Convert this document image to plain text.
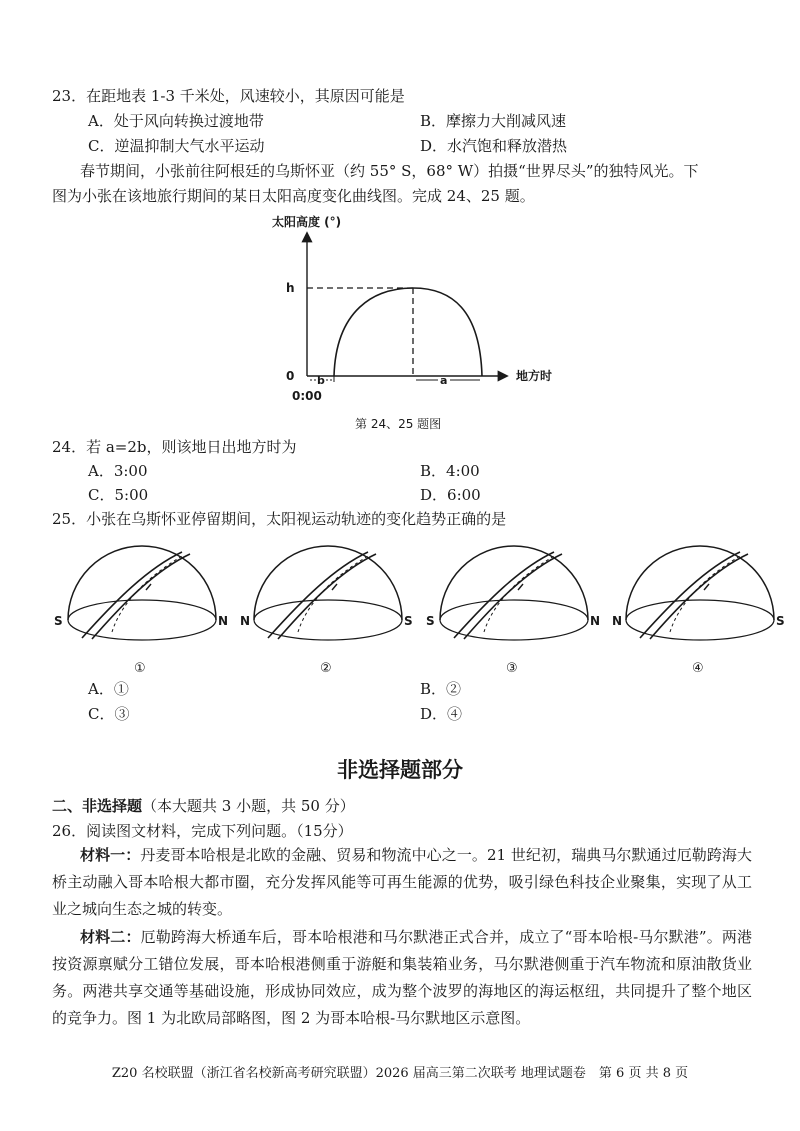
23．在距地表 1-3 千米处，风速较小，其原因可能是
A．处于风向转换过渡地带	B．摩擦力大削减风速
C．逆温抑制大气水平运动	D．水汽饱和释放潜热
春节期间，小张前往阿根廷的乌斯怀亚（约 55° S，68° W）拍摄“世界尽头”的独特风光。下
图为小张在该地旅行期间的某日太阳高度变化曲线图。完成 24、25 题。
太阳高度 (°)
地方时
h
0
0:00
b	a
第 24、25 题图
24．若 a=2b，则该地日出地方时为
A．3:00	B．4:00
C．5:00	D．6:00
25．小张在乌斯怀亚停留期间，太阳视运动轨迹的变化趋势正确的是
S	N
①
N	S
②
S	N
③
N	S
④
A．①	B．②
C．③	D．④
非选择题部分
二、非选择题（本大题共 3 小题，共 50 分）
26．阅读图文材料，完成下列问题。（15分）
材料一：丹麦哥本哈根是北欧的金融、贸易和物流中心之一。21 世纪初，瑞典马尔默通过厄勒跨海大桥主动融入哥本哈根大都市圈，充分发挥风能等可再生能源的优势，吸引绿色科技企业聚集，实现了从工业之城向生态之城的转变。
材料二：厄勒跨海大桥通车后，哥本哈根港和马尔默港正式合并，成立了“哥本哈根-马尔默港”。两港按资源禀赋分工错位发展，哥本哈根港侧重于游艇和集装箱业务，马尔默港侧重于汽车物流和原油散货业务。两港共享交通等基础设施，形成协同效应，成为整个波罗的海地区的海运枢纽，共同提升了整个地区的竞争力。图 1 为北欧局部略图，图 2 为哥本哈根-马尔默地区示意图。
Z20 名校联盟（浙江省名校新高考研究联盟）2026 届高三第二次联考 地理试题卷　第 6 页 共 8 页
